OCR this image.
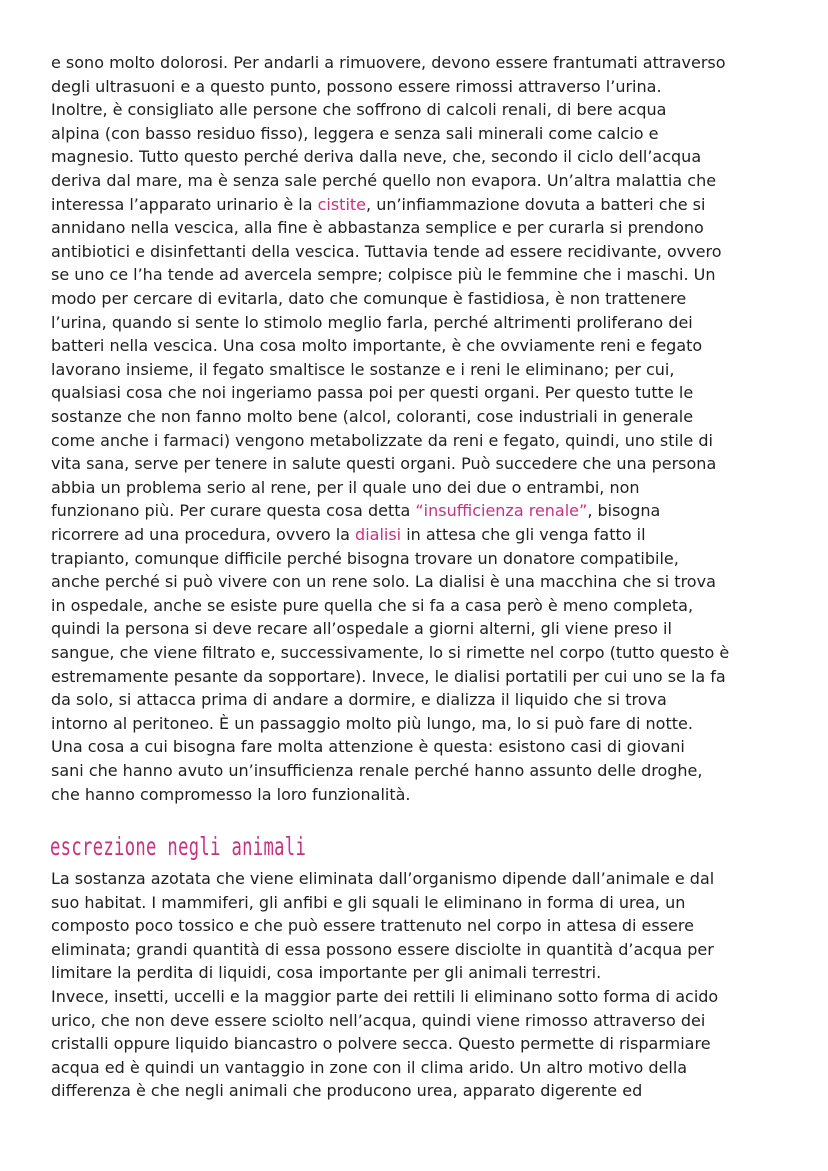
e sono molto dolorosi. Per andarli a rimuovere, devono essere frantumati attraverso
degli ultrasuoni e a questo punto, possono essere rimossi attraverso l’urina.
Inoltre, è consigliato alle persone che soffrono di calcoli renali, di bere acqua
alpina (con basso residuo fisso), leggera e senza sali minerali come calcio e
magnesio. Tutto questo perché deriva dalla neve, che, secondo il ciclo dell’acqua
deriva dal mare, ma è senza sale perché quello non evapora. Un’altra malattia che
interessa l’apparato urinario è la cistite, un’infiammazione dovuta a batteri che si
annidano nella vescica, alla fine è abbastanza semplice e per curarla si prendono
antibiotici e disinfettanti della vescica. Tuttavia tende ad essere recidivante, ovvero
se uno ce l’ha tende ad avercela sempre; colpisce più le femmine che i maschi. Un
modo per cercare di evitarla, dato che comunque è fastidiosa, è non trattenere
l’urina, quando si sente lo stimolo meglio farla, perché altrimenti proliferano dei
batteri nella vescica. Una cosa molto importante, è che ovviamente reni e fegato
lavorano insieme, il fegato smaltisce le sostanze e i reni le eliminano; per cui,
qualsiasi cosa che noi ingeriamo passa poi per questi organi. Per questo tutte le
sostanze che non fanno molto bene (alcol, coloranti, cose industriali in generale
come anche i farmaci) vengono metabolizzate da reni e fegato, quindi, uno stile di
vita sana, serve per tenere in salute questi organi. Può succedere che una persona
abbia un problema serio al rene, per il quale uno dei due o entrambi, non
funzionano più. Per curare questa cosa detta “insufficienza renale”, bisogna
ricorrere ad una procedura, ovvero la dialisi in attesa che gli venga fatto il
trapianto, comunque difficile perché bisogna trovare un donatore compatibile,
anche perché si può vivere con un rene solo. La dialisi è una macchina che si trova
in ospedale, anche se esiste pure quella che si fa a casa però è meno completa,
quindi la persona si deve recare all’ospedale a giorni alterni, gli viene preso il
sangue, che viene filtrato e, successivamente, lo si rimette nel corpo (tutto questo è
estremamente pesante da sopportare). Invece, le dialisi portatili per cui uno se la fa
da solo, si attacca prima di andare a dormire, e dializza il liquido che si trova
intorno al peritoneo. È un passaggio molto più lungo, ma, lo si può fare di notte.
Una cosa a cui bisogna fare molta attenzione è questa: esistono casi di giovani
sani che hanno avuto un’insufficienza renale perché hanno assunto delle droghe,
che hanno compromesso la loro funzionalità.
escrezione negli animali
La sostanza azotata che viene eliminata dall’organismo dipende dall’animale e dal
suo habitat. I mammiferi, gli anfibi e gli squali le eliminano in forma di urea, un
composto poco tossico e che può essere trattenuto nel corpo in attesa di essere
eliminata; grandi quantità di essa possono essere disciolte in quantità d’acqua per
limitare la perdita di liquidi, cosa importante per gli animali terrestri.
Invece, insetti, uccelli e la maggior parte dei rettili li eliminano sotto forma di acido
urico, che non deve essere sciolto nell’acqua, quindi viene rimosso attraverso dei
cristalli oppure liquido biancastro o polvere secca. Questo permette di risparmiare
acqua ed è quindi un vantaggio in zone con il clima arido. Un altro motivo della
differenza è che negli animali che producono urea, apparato digerente ed
